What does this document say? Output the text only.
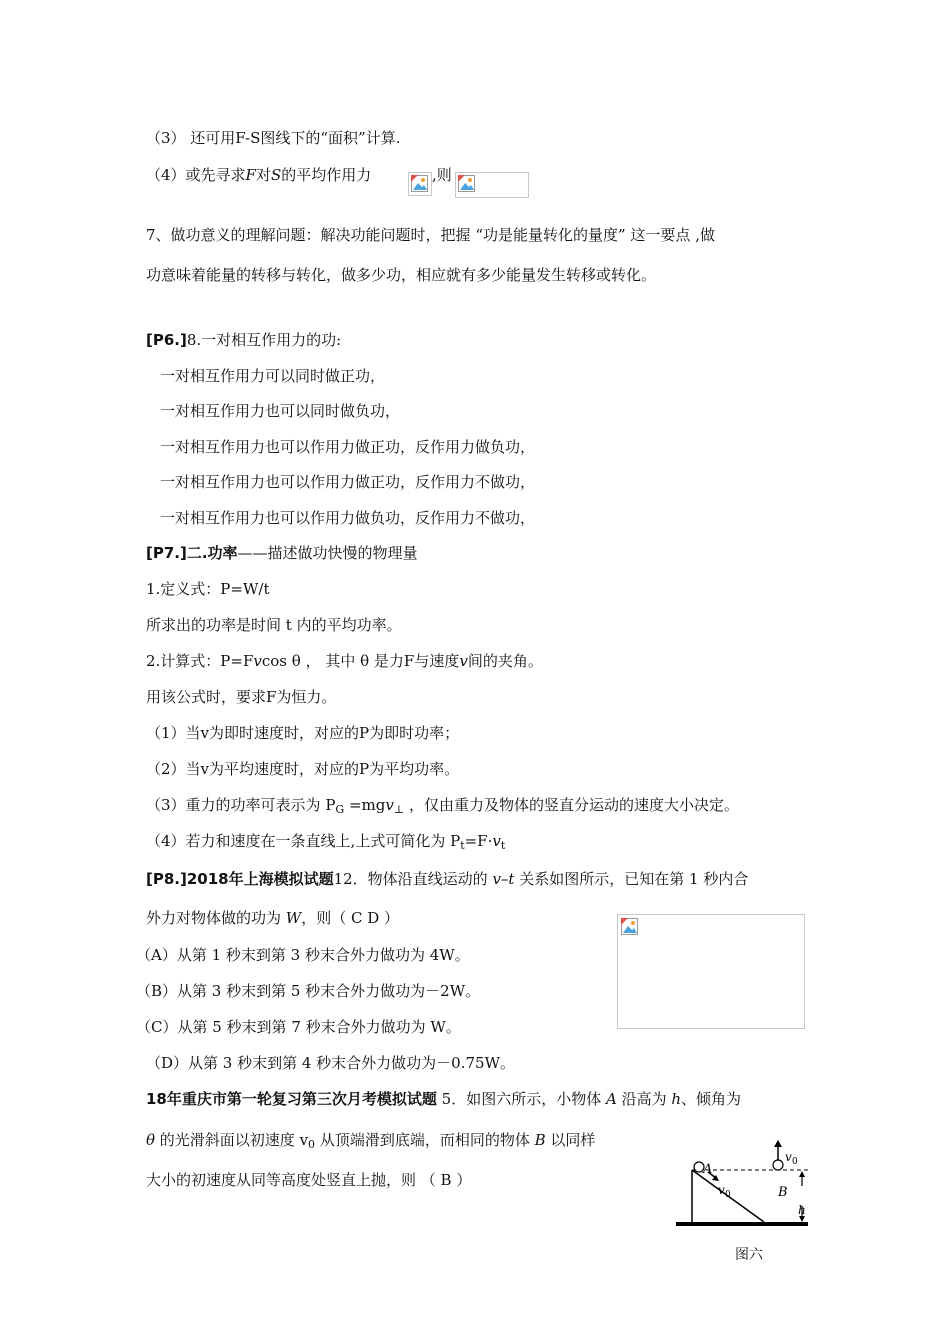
（3） 还可用F-S图线下的“面积”计算.
（4）或先寻求F对S的平均作用力	,则
7、做功意义的理解问题：解决功能问题时，把握 “功是能量转化的量度” 这一要点 ,做
功意味着能量的转移与转化，做多少功，相应就有多少能量发生转移或转化。
[P6.]8.一对相互作用力的功:
一对相互作用力可以同时做正功，
一对相互作用力也可以同时做负功，
一对相互作用力也可以作用力做正功，反作用力做负功，
一对相互作用力也可以作用力做正功，反作用力不做功，
一对相互作用力也可以作用力做负功，反作用力不做功，
[P7.]二.功率——描述做功快慢的物理量
1.定义式：P=W/t
所求出的功率是时间 t 内的平均功率。
2.计算式：P=Fvcos θ ， 其中 θ 是力F与速度v间的夹角。
用该公式时，要求F为恒力。
（1）当v为即时速度时，对应的P为即时功率；
（2）当v为平均速度时，对应的P为平均功率。
（3）重力的功率可表示为 $P_G =mgv_\perp$ ，仅由重力及物体的竖直分运动的速度大小决定。
（4）若力和速度在一条直线上,上式可简化为 $P_t=F\cdot v_t$
[P8.]2018年上海模拟试题12．物体沿直线运动的 v–t 关系如图所示，已知在第 1 秒内合
外力对物体做的功为 W，则（ C D ）
（A）从第 1 秒末到第 3 秒末合外力做功为 4W。
（B）从第 3 秒末到第 5 秒末合外力做功为－2W。
（C）从第 5 秒末到第 7 秒末合外力做功为 W。
（D）从第 3 秒末到第 4 秒末合外力做功为－0.75W。
18年重庆市第一轮复习第三次月考模拟试题 5．如图六所示，小物体 A 沿高为 h、倾角为
θ 的光滑斜面以初速度 $v_0$ 从顶端滑到底端，而相同的物体 B 以同样
大小的初速度从同等高度处竖直上抛，则 （ B ）
A
B
v 0
v 0
h
图六
